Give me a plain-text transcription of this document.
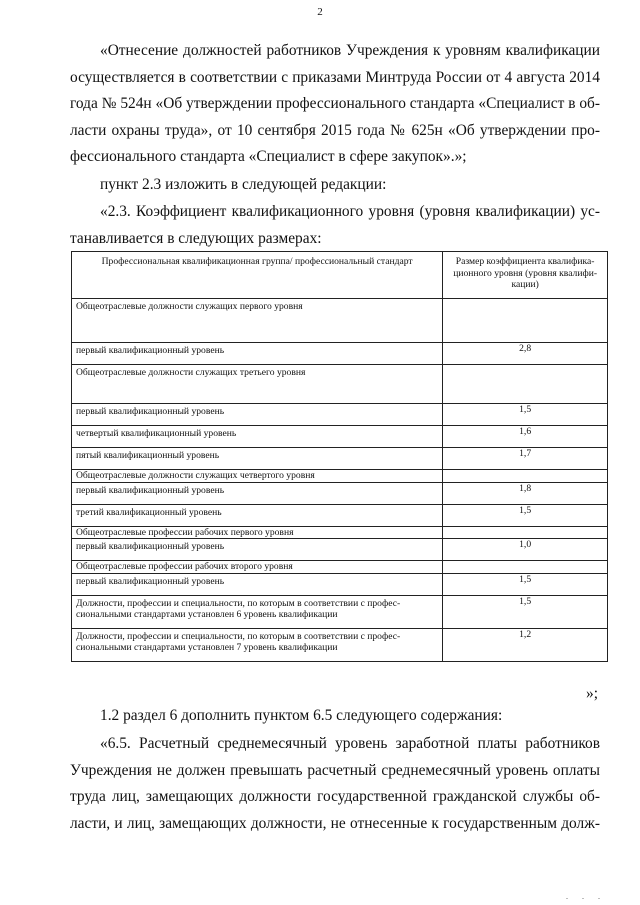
2
«Отнесение должностей работников Учреждения к уровням квалификации
осуществляется в соответствии с приказами Минтруда России от 4 августа 2014
года № 524н «Об утверждении профессионального стандарта «Специалист в об-
ласти охраны труда», от 10 сентября 2015 года № 625н «Об утверждении про-
фессионального стандарта «Специалист в сфере закупок».»;
пункт 2.3 изложить в следующей редакции:
«2.3. Коэффициент квалификационного уровня (уровня квалификации) ус-
танавливается в следующих размерах:
Профессиональная квалификационная группа/ профессиональный стандарт	Размер коэффициента квалифика-ционного уровня (уровня квалифи-кации)
Общеотраслевые должности служащих первого уровня	
первый квалификационный уровень	2,8
Общеотраслевые должности служащих третьего уровня	
первый квалификационный уровень	1,5
четвертый квалификационный уровень	1,6
пятый квалификационный уровень	1,7
Общеотраслевые должности служащих четвертого уровня	
первый квалификационный уровень	1,8
третий квалификационный уровень	1,5
Общеотраслевые профессии рабочих первого уровня	
первый квалификационный уровень	1,0
Общеотраслевые профессии рабочих второго уровня	
первый квалификационный уровень	1,5
Должности, профессии и специальности, по которым в соответствии с профес-сиональными стандартами установлен 6 уровень квалификации	1,5
Должности, профессии и специальности, по которым в соответствии с профес-сиональными стандартами установлен 7 уровень квалификации	1,2
»;
1.2 раздел 6 дополнить пунктом 6.5 следующего содержания:
«6.5. Расчетный среднемесячный уровень заработной платы работников
Учреждения не должен превышать расчетный среднемесячный уровень оплаты
труда лиц, замещающих должности государственной гражданской службы об-
ласти, и лиц, замещающих должности, не отнесенные к государственным долж-
. . .
